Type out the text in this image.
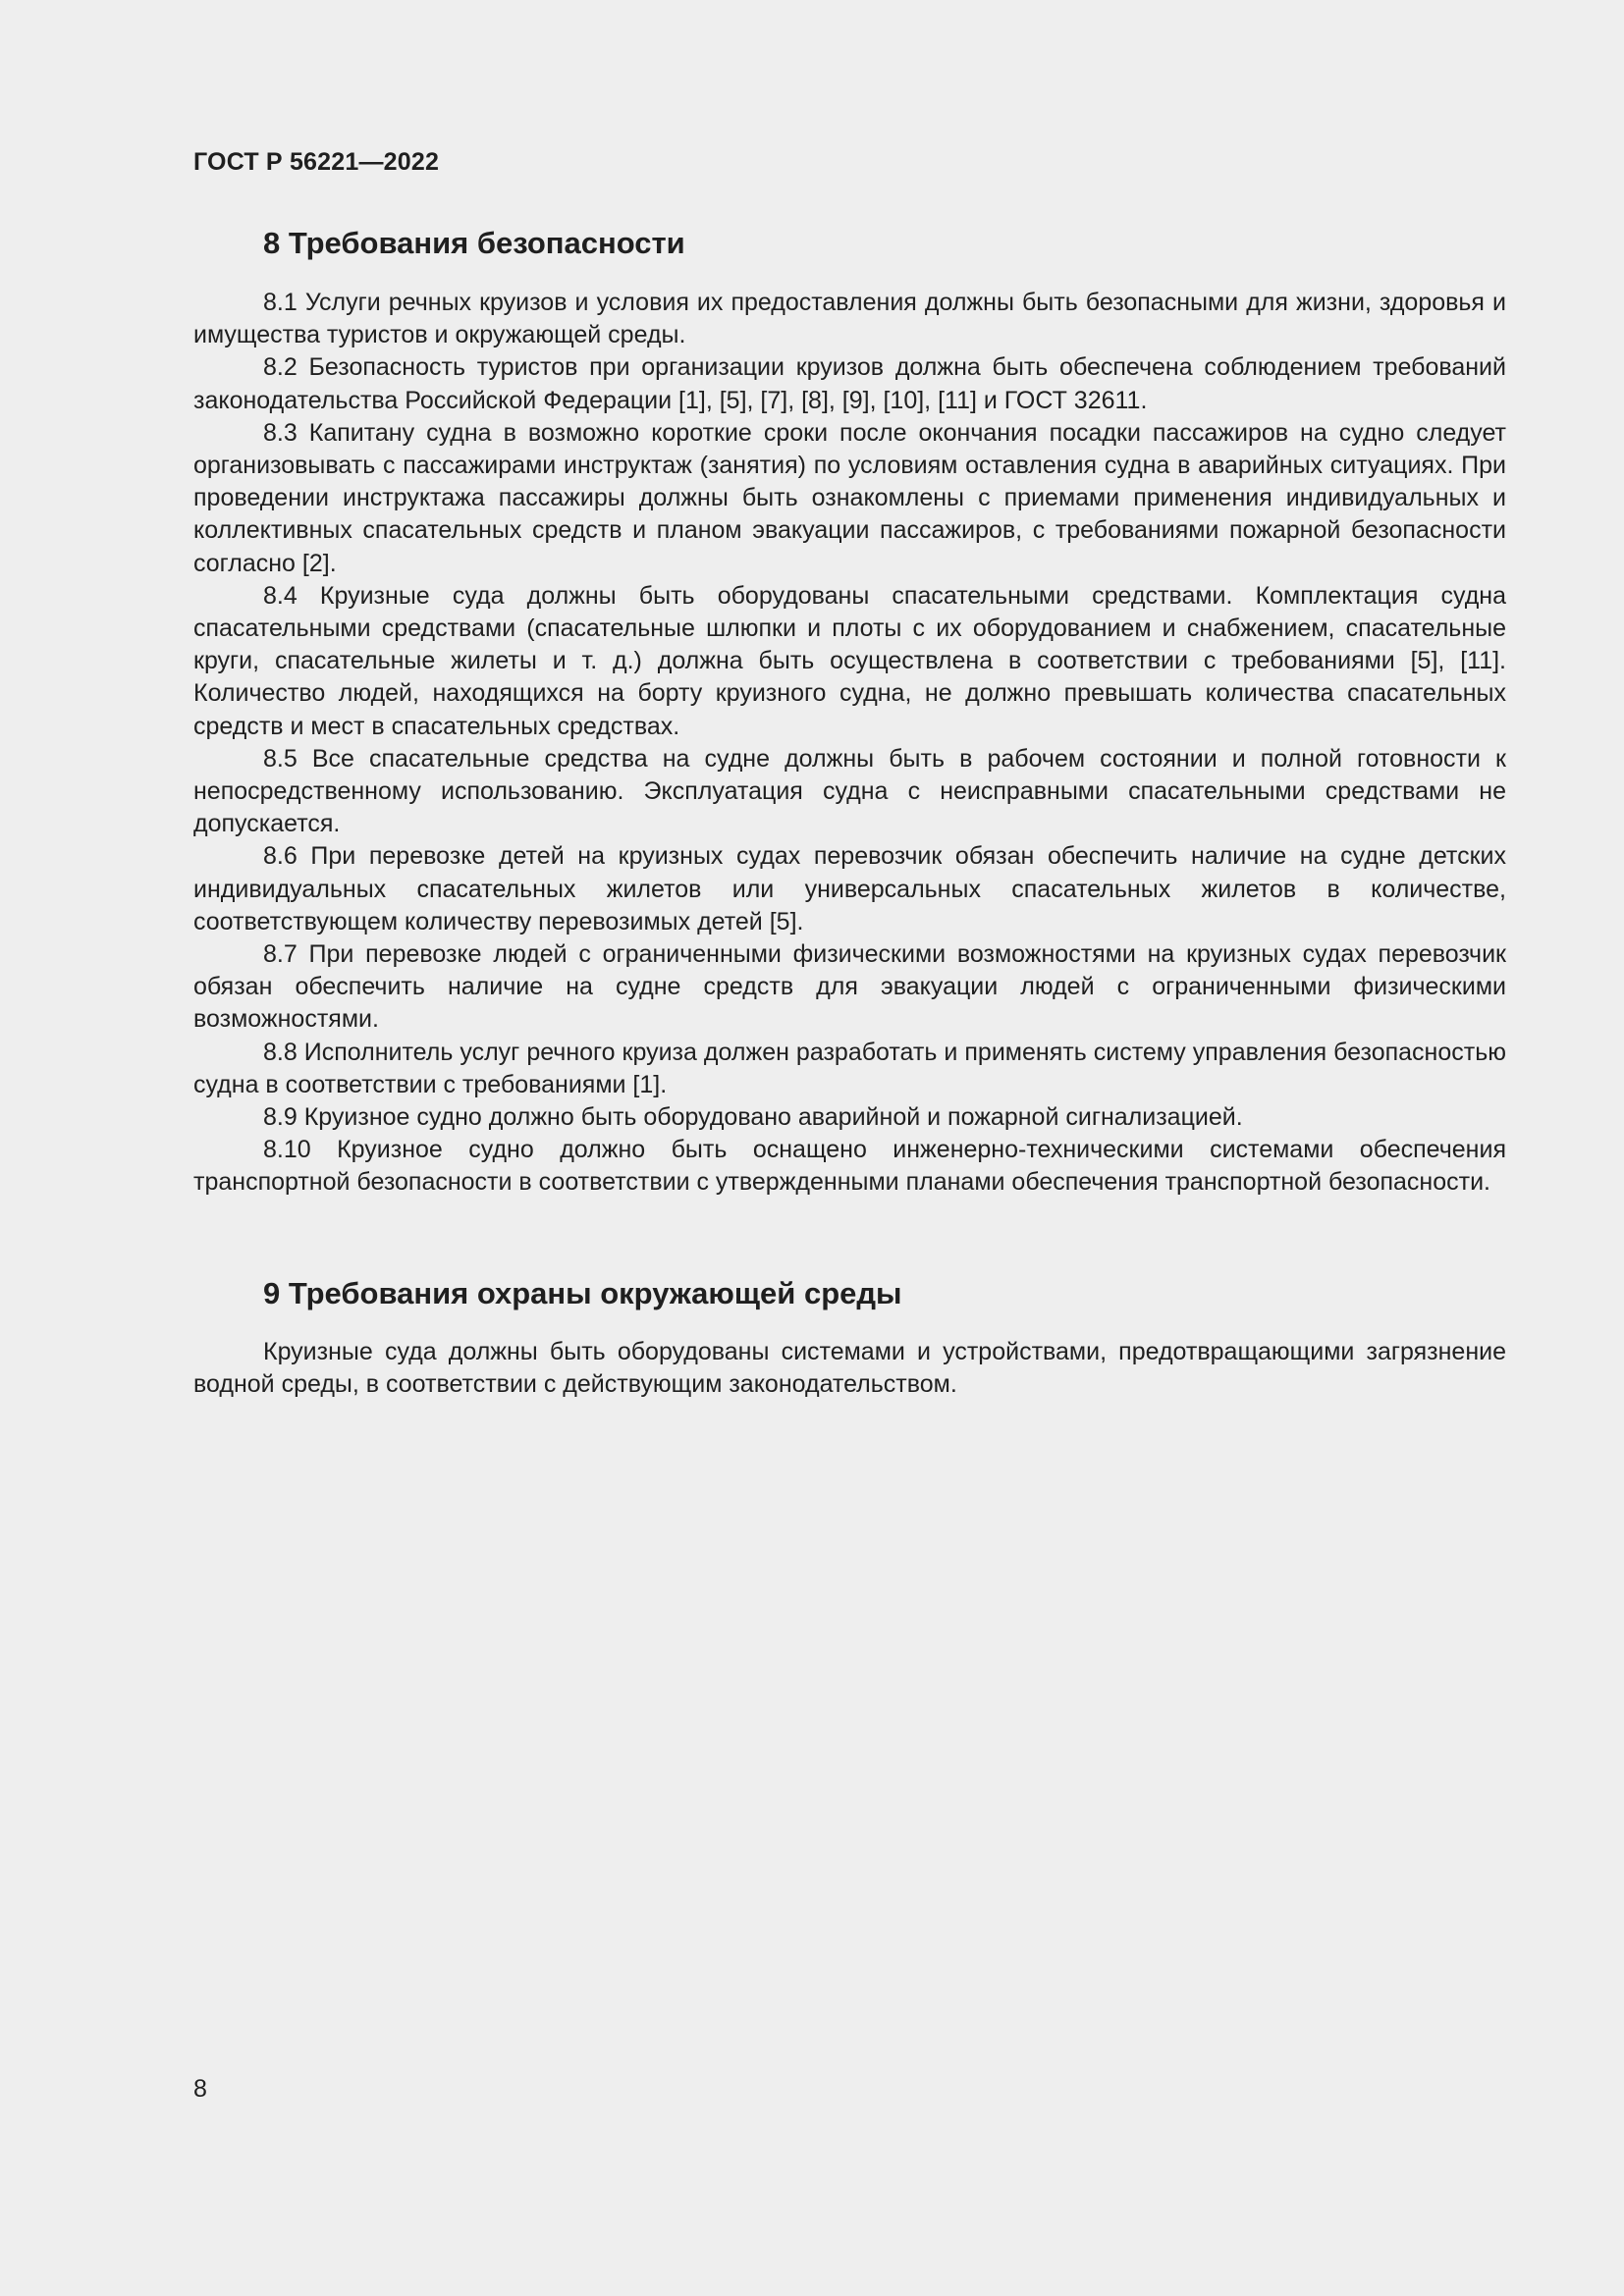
ГОСТ Р 56221—2022
8 Требования безопасности

8.1 Услуги речных круизов и условия их предоставления должны быть безопасными для жизни, здоровья и имущества туристов и окружающей среды.

8.2 Безопасность туристов при организации круизов должна быть обеспечена соблюдением требований законодательства Российской Федерации [1], [5], [7], [8], [9], [10], [11] и ГОСТ 32611.

8.3 Капитану судна в возможно короткие сроки после окончания посадки пассажиров на судно следует организовывать с пассажирами инструктаж (занятия) по условиям оставления судна в аварийных ситуациях. При проведении инструктажа пассажиры должны быть ознакомлены с приемами применения индивидуальных и коллективных спасательных средств и планом эвакуации пассажиров, с требованиями пожарной безопасности согласно [2].

8.4 Круизные суда должны быть оборудованы спасательными средствами. Комплектация судна спасательными средствами (спасательные шлюпки и плоты с их оборудованием и снабжением, спасательные круги, спасательные жилеты и т. д.) должна быть осуществлена в соответствии с требованиями [5], [11]. Количество людей, находящихся на борту круизного судна, не должно превышать количества спасательных средств и мест в спасательных средствах.

8.5 Все спасательные средства на судне должны быть в рабочем состоянии и полной готовности к непосредственному использованию. Эксплуатация судна с неисправными спасательными средствами не допускается.

8.6 При перевозке детей на круизных судах перевозчик обязан обеспечить наличие на судне детских индивидуальных спасательных жилетов или универсальных спасательных жилетов в количестве, соответствующем количеству перевозимых детей [5].

8.7 При перевозке людей с ограниченными физическими возможностями на круизных судах перевозчик обязан обеспечить наличие на судне средств для эвакуации людей с ограниченными физическими возможностями.

8.8 Исполнитель услуг речного круиза должен разработать и применять систему управления безопасностью судна в соответствии с требованиями [1].

8.9 Круизное судно должно быть оборудовано аварийной и пожарной сигнализацией.

8.10 Круизное судно должно быть оснащено инженерно-техническими системами обеспечения транспортной безопасности в соответствии с утвержденными планами обеспечения транспортной безопасности.

9 Требования охраны окружающей среды

Круизные суда должны быть оборудованы системами и устройствами, предотвращающими загрязнение водной среды, в соответствии с действующим законодательством.

8
